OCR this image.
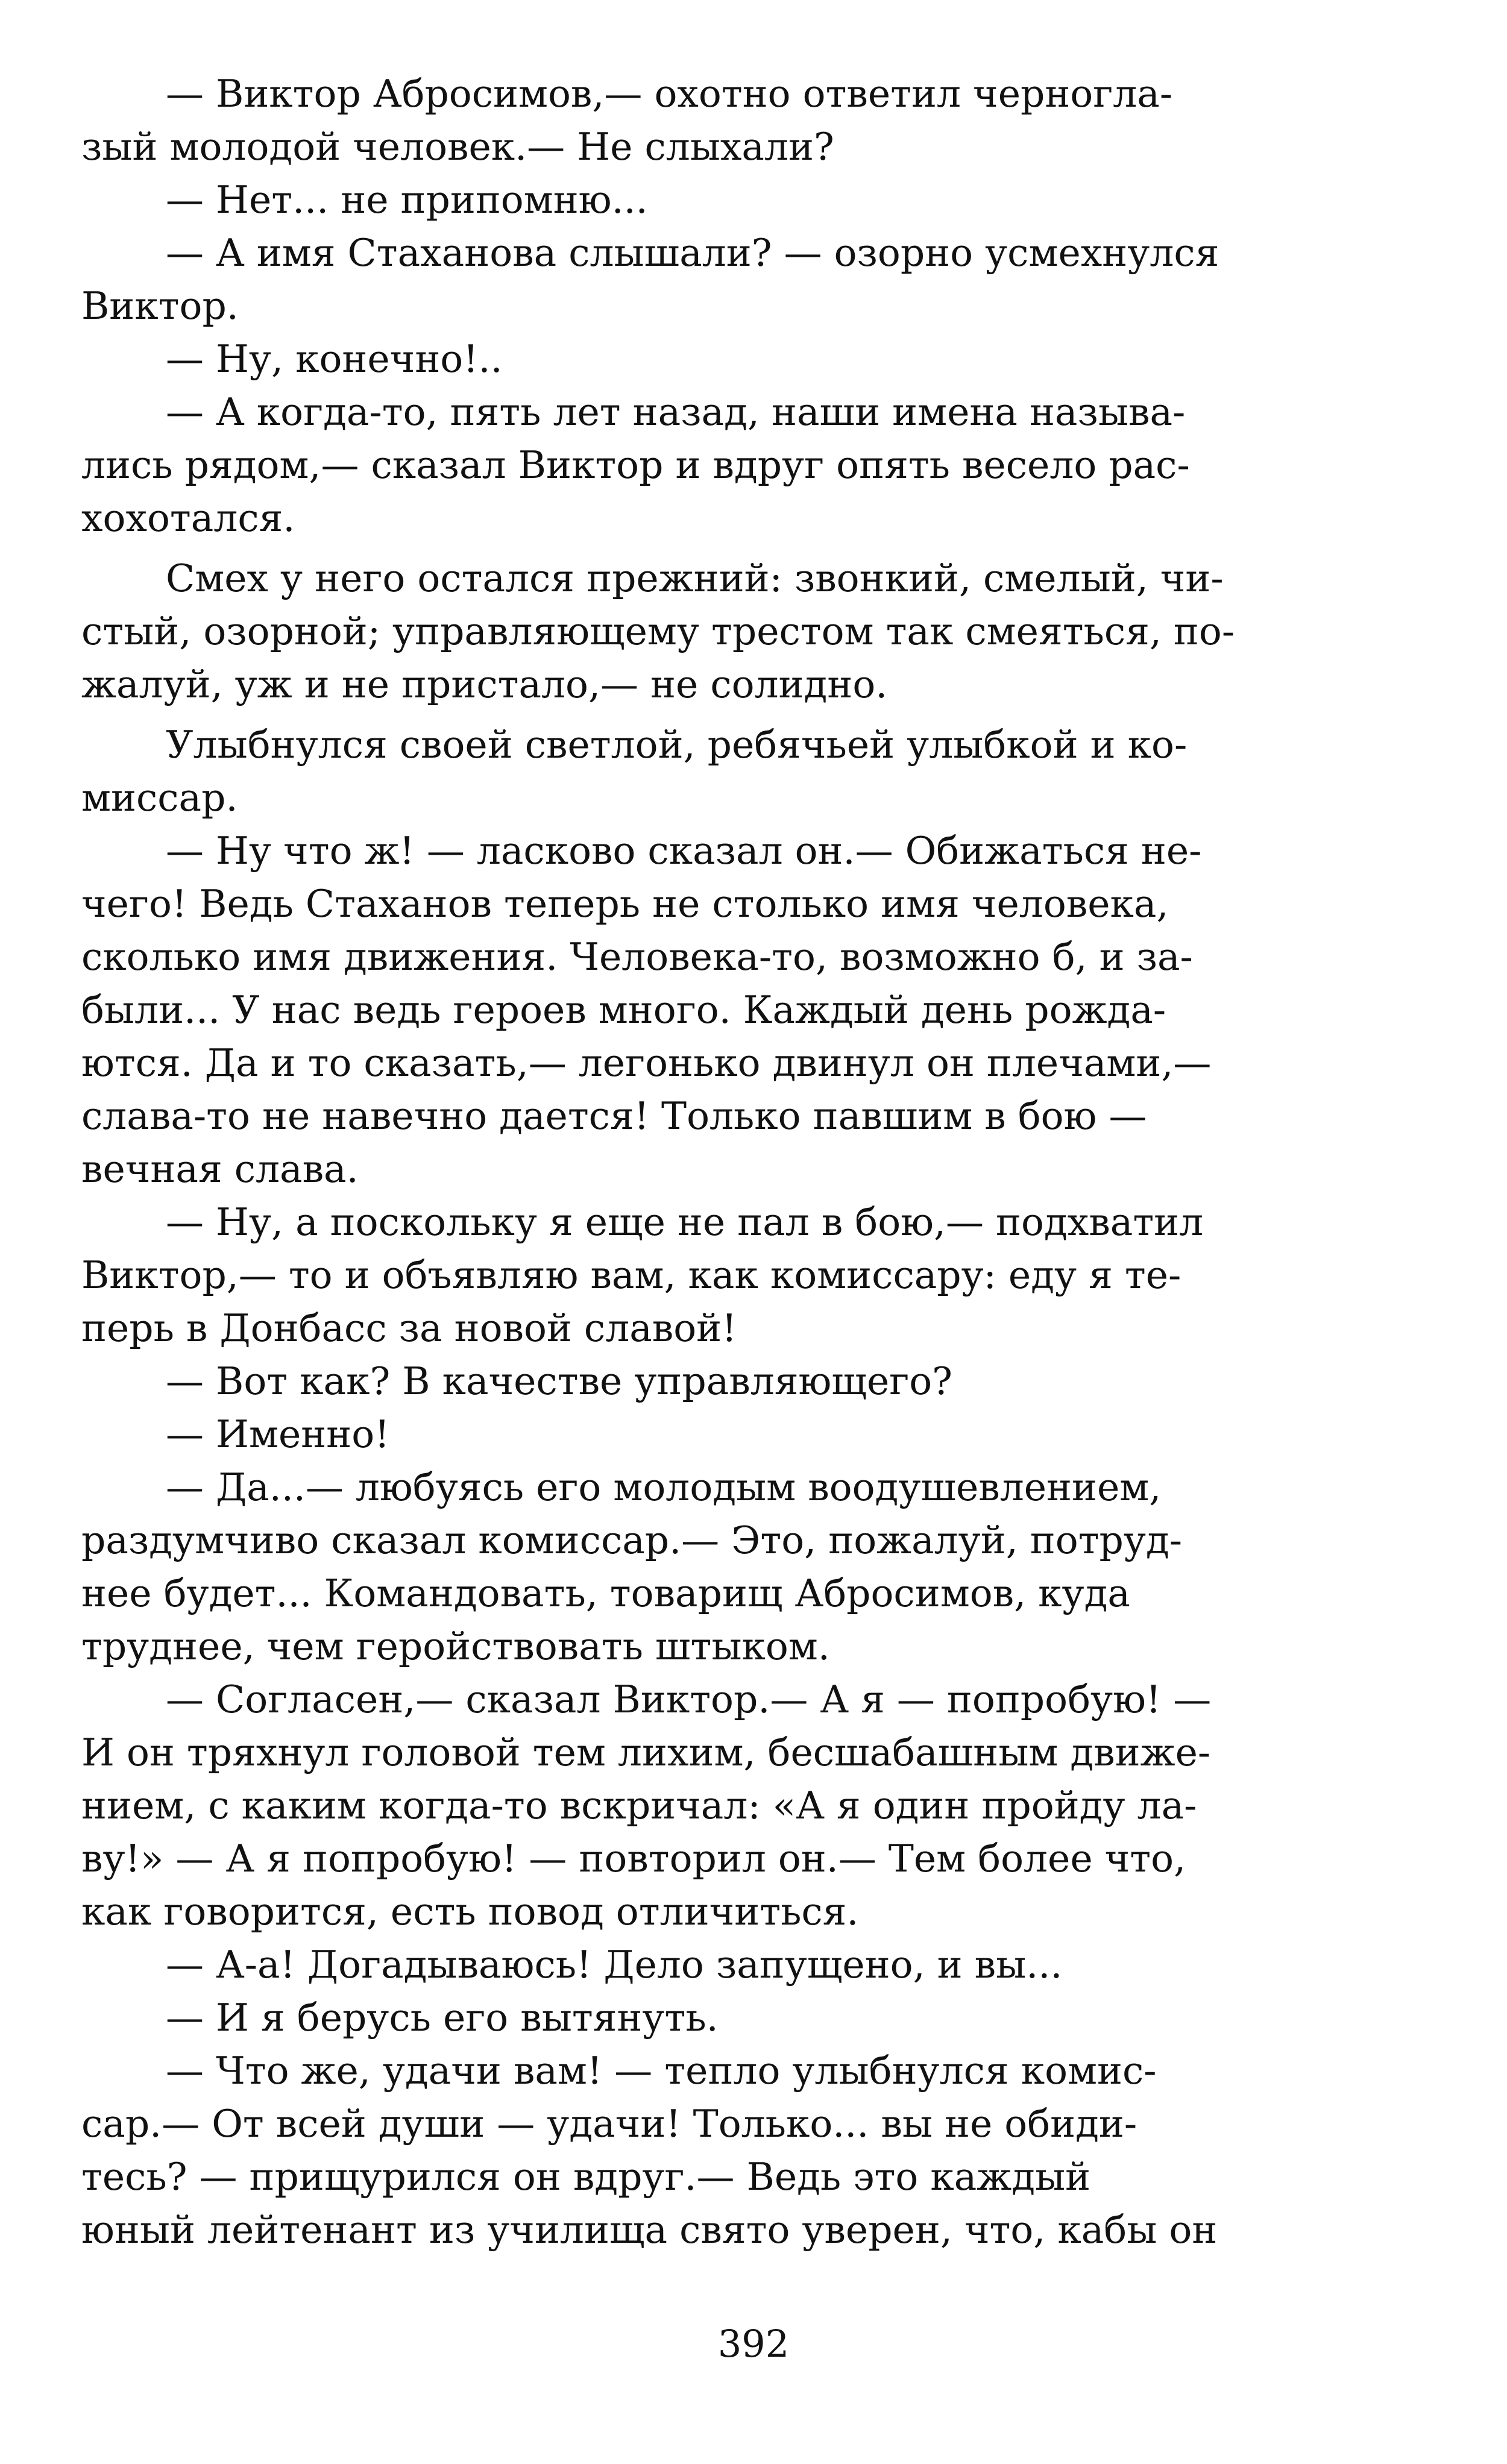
— Виктор Абросимов,— охотно ответил черногла-
зый молодой человек.— Не слыхали?
— Нет... не припомню...
— А имя Стаханова слышали? — озорно усмехнулся
Виктор.
— Ну, конечно!..
— А когда-то, пять лет назад, наши имена называ-
лись рядом,— сказал Виктор и вдруг опять весело рас-
хохотался.
Смех у него остался прежний: звонкий, смелый, чи-
стый, озорной; управляющему трестом так смеяться, по-
жалуй, уж и не пристало,— не солидно.
Улыбнулся своей светлой, ребячьей улыбкой и ко-
миссар.
— Ну что ж! — ласково сказал он.— Обижаться не-
чего! Ведь Стаханов теперь не столько имя человека,
сколько имя движения. Человека-то, возможно б, и за-
были... У нас ведь героев много. Каждый день рожда-
ются. Да и то сказать,— легонько двинул он плечами,—
слава-то не навечно дается! Только павшим в бою —
вечная слава.
— Ну, а поскольку я еще не пал в бою,— подхватил
Виктор,— то и объявляю вам, как комиссару: еду я те-
перь в Донбасс за новой славой!
— Вот как? В качестве управляющего?
— Именно!
— Да...— любуясь его молодым воодушевлением,
раздумчиво сказал комиссар.— Это, пожалуй, потруд-
нее будет... Командовать, товарищ Абросимов, куда
труднее, чем геройствовать штыком.
— Согласен,— сказал Виктор.— А я — попробую! —
И он тряхнул головой тем лихим, бесшабашным движе-
нием, с каким когда-то вскричал: «А я один пройду ла-
ву!» — А я попробую! — повторил он.— Тем более что,
как говорится, есть повод отличиться.
— А-а! Догадываюсь! Дело запущено, и вы...
— И я берусь его вытянуть.
— Что же, удачи вам! — тепло улыбнулся комис-
сар.— От всей души — удачи! Только... вы не обиди-
тесь? — прищурился он вдруг.— Ведь это каждый
юный лейтенант из училища свято уверен, что, кабы он
392
